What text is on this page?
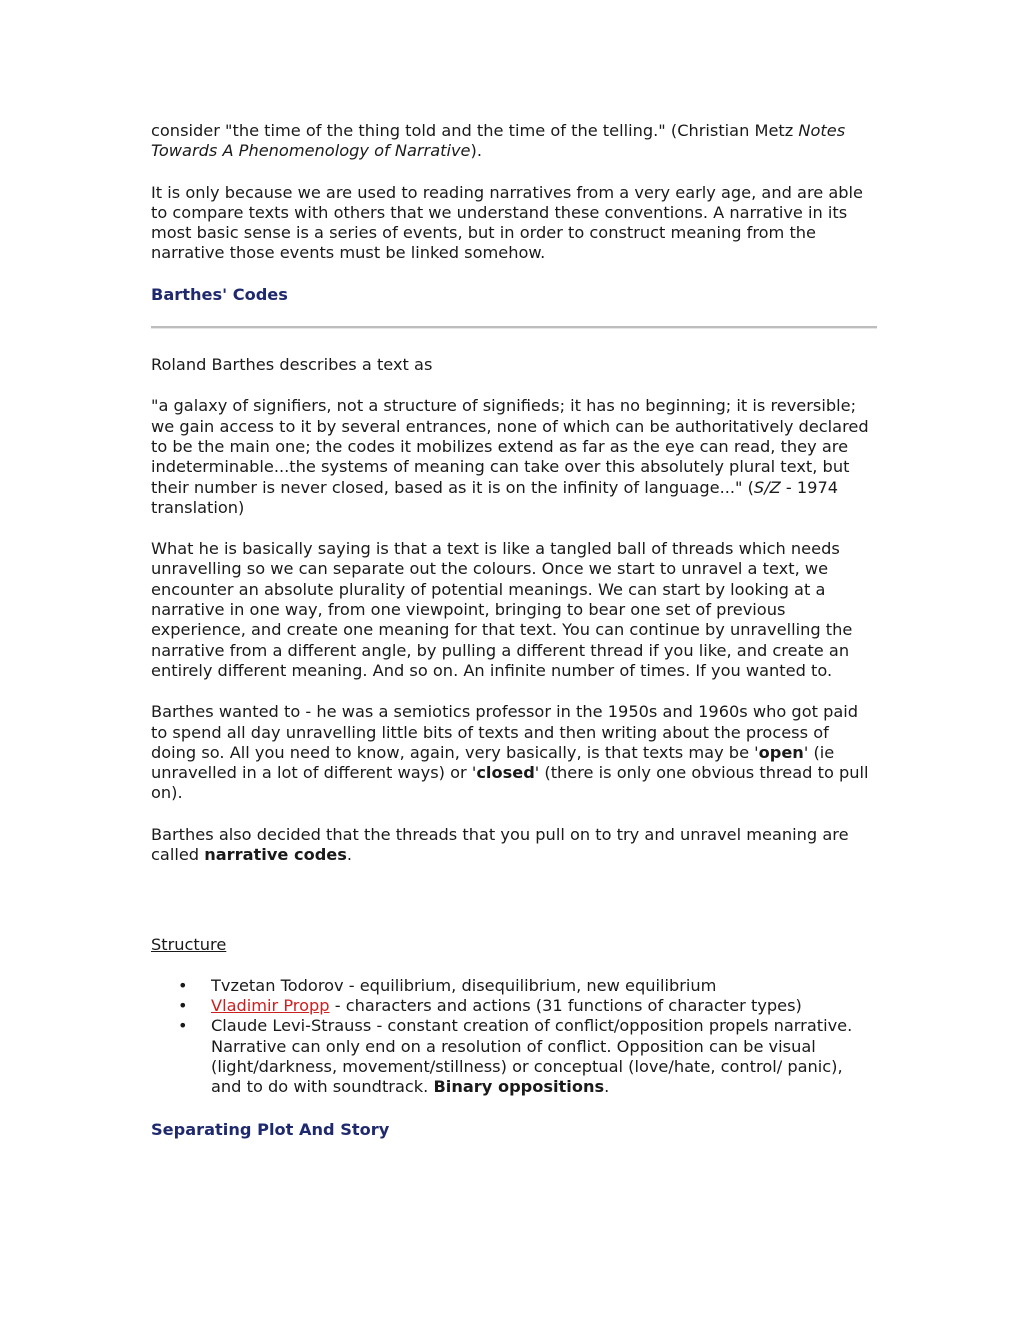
consider "the time of the thing told and the time of the telling." (Christian Metz Notes Towards A Phenomenology of Narrative).

It is only because we are used to reading narratives from a very early age, and are able to compare texts with others that we understand these conventions. A narrative in its most basic sense is a series of events, but in order to construct meaning from the narrative those events must be linked somehow.

Barthes' Codes

Roland Barthes describes a text as

"a galaxy of signifiers, not a structure of signifieds; it has no beginning; it is reversible; we gain access to it by several entrances, none of which can be authoritatively declared to be the main one; the codes it mobilizes extend as far as the eye can read, they are indeterminable...the systems of meaning can take over this absolutely plural text, but their number is never closed, based as it is on the infinity of language..." (S/Z - 1974 translation)

What he is basically saying is that a text is like a tangled ball of threads which needs unravelling so we can separate out the colours. Once we start to unravel a text, we encounter an absolute plurality of potential meanings. We can start by looking at a narrative in one way, from one viewpoint, bringing to bear one set of previous experience, and create one meaning for that text. You can continue by unravelling the narrative from a different angle, by pulling a different thread if you like, and create an entirely different meaning. And so on. An infinite number of times. If you wanted to.

Barthes wanted to - he was a semiotics professor in the 1950s and 1960s who got paid to spend all day unravelling little bits of texts and then writing about the process of doing so. All you need to know, again, very basically, is that texts may be 'open' (ie unravelled in a lot of different ways) or 'closed' (there is only one obvious thread to pull on).

Barthes also decided that the threads that you pull on to try and unravel meaning are called narrative codes.

Structure
• Tvzetan Todorov - equilibrium, disequilibrium, new equilibrium
• Vladimir Propp - characters and actions (31 functions of character types)
• Claude Levi-Strauss - constant creation of conflict/opposition propels narrative. Narrative can only end on a resolution of conflict. Opposition can be visual (light/darkness, movement/stillness) or conceptual (love/hate, control/ panic), and to do with soundtrack. Binary oppositions.
Separating Plot And Story
